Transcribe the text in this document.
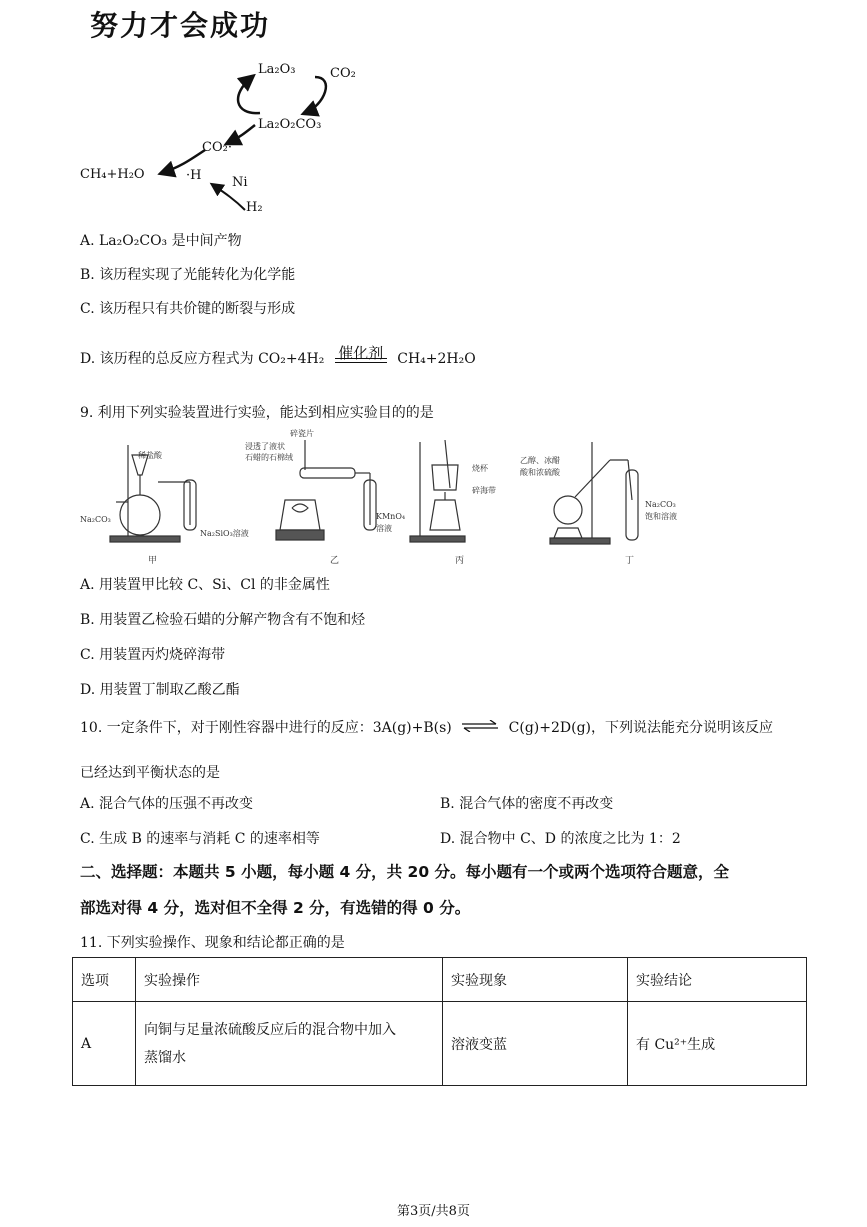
努力才会成功
La₂O₃	CO₂
La₂O₂CO₃
CO₂·
·H Ni
H₂
CH₄+H₂O
A. La₂O₂CO₃ 是中间产物
B. 该历程实现了光能转化为化学能
C. 该历程只有共价键的断裂与形成
D. 该历程的总反应方程式为 CO₂+4H₂ 催化剂 CH₄+2H₂O
9. 利用下列实验装置进行实验，能达到相应实验目的的是
稀盐酸
Na₂CO₃
Na₂SiO₃溶液
碎瓷片
浸透了液状
石蜡的石棉绒
KMnO₄
溶液
烧杯
碎海带
乙醇、冰醋
酸和浓硫酸
Na₂CO₃
饱和溶液
甲	乙	丙	丁
A. 用装置甲比较 C、Si、Cl 的非金属性
B. 用装置乙检验石蜡的分解产物含有不饱和烃
C. 用装置丙灼烧碎海带
D. 用装置丁制取乙酸乙酯
10. 一定条件下，对于刚性容器中进行的反应：3A(g)+B(s) ⇌ C(g)+2D(g)，下列说法能充分说明该反应
已经达到平衡状态的是
A. 混合气体的压强不再改变	B. 混合气体的密度不再改变
C. 生成 B 的速率与消耗 C 的速率相等	D. 混合物中 C、D 的浓度之比为 1：2
二、选择题：本题共 5 小题，每小题 4 分，共 20 分。每小题有一个或两个选项符合题意，全
部选对得 4 分，选对但不全得 2 分，有选错的得 0 分。
11. 下列实验操作、现象和结论都正确的是
选项	实验操作	实验现象	实验结论
A	向铜与足量浓硫酸反应后的混合物中加入
蒸馏水	溶液变蓝	有 Cu²⁺生成
第3页/共8页
